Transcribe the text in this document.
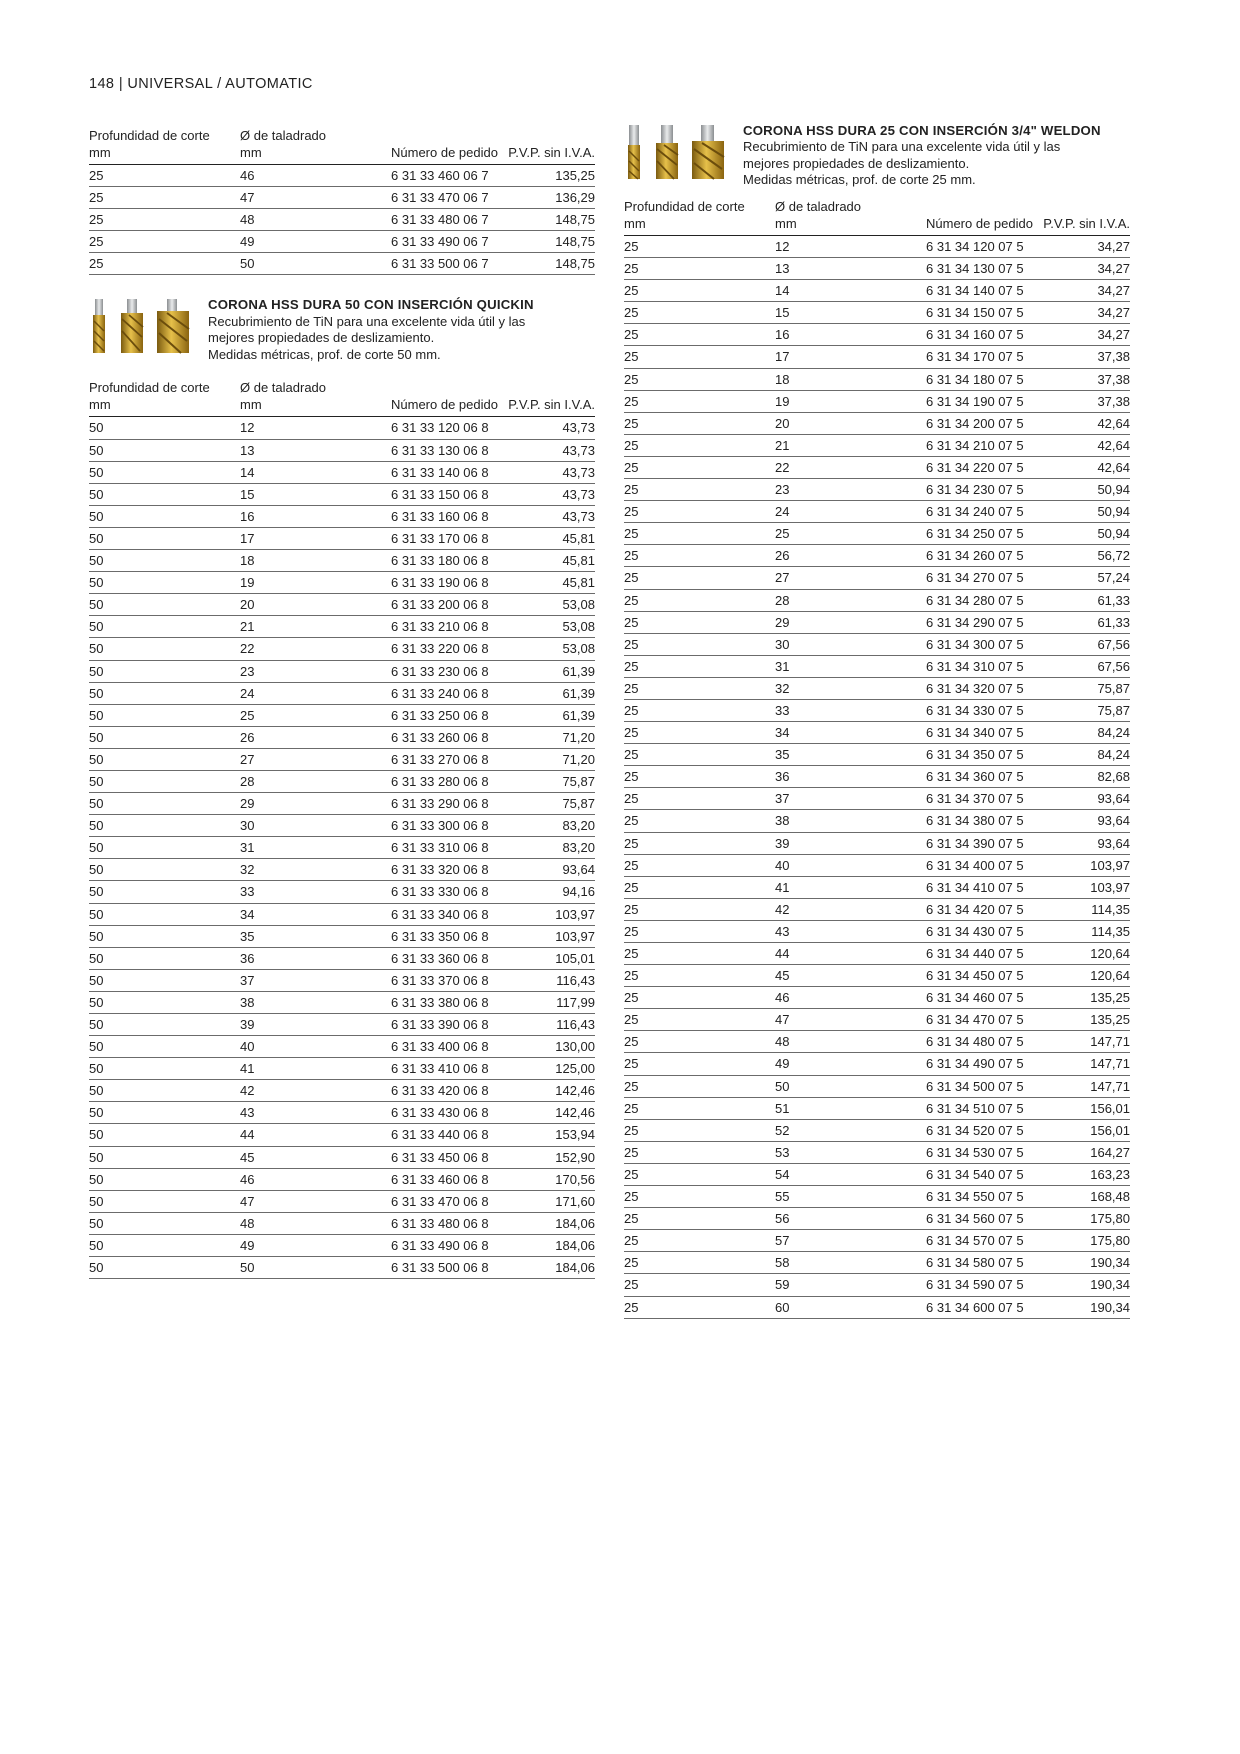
148 | UNIVERSAL / AUTOMATIC
Profundidad de corte
mm
Ø de taladrado
mm	Número de pedido P.V.P. sin I.V.A.
25	46	6 31 33 460 06 7	135,25
25	47	6 31 33 470 06 7	136,29
25	48	6 31 33 480 06 7	148,75
25	49	6 31 33 490 06 7	148,75
25	50	6 31 33 500 06 7	148,75
CORONA HSS DURA 50 CON INSERCIÓN QUICKIN
Recubrimiento de TiN para una excelente vida útil y las
mejores propiedades de deslizamiento.
Medidas métricas, prof. de corte 50 mm.
Profundidad de corte
mm
Ø de taladrado
mm	Número de pedido P.V.P. sin I.V.A.
50	12	6 31 33 120 06 8	43,73
50	13	6 31 33 130 06 8	43,73
50	14	6 31 33 140 06 8	43,73
50	15	6 31 33 150 06 8	43,73
50	16	6 31 33 160 06 8	43,73
50	17	6 31 33 170 06 8	45,81
50	18	6 31 33 180 06 8	45,81
50	19	6 31 33 190 06 8	45,81
50	20	6 31 33 200 06 8	53,08
50	21	6 31 33 210 06 8	53,08
50	22	6 31 33 220 06 8	53,08
50	23	6 31 33 230 06 8	61,39
50	24	6 31 33 240 06 8	61,39
50	25	6 31 33 250 06 8	61,39
50	26	6 31 33 260 06 8	71,20
50	27	6 31 33 270 06 8	71,20
50	28	6 31 33 280 06 8	75,87
50	29	6 31 33 290 06 8	75,87
50	30	6 31 33 300 06 8	83,20
50	31	6 31 33 310 06 8	83,20
50	32	6 31 33 320 06 8	93,64
50	33	6 31 33 330 06 8	94,16
50	34	6 31 33 340 06 8	103,97
50	35	6 31 33 350 06 8	103,97
50	36	6 31 33 360 06 8	105,01
50	37	6 31 33 370 06 8	116,43
50	38	6 31 33 380 06 8	117,99
50	39	6 31 33 390 06 8	116,43
50	40	6 31 33 400 06 8	130,00
50	41	6 31 33 410 06 8	125,00
50	42	6 31 33 420 06 8	142,46
50	43	6 31 33 430 06 8	142,46
50	44	6 31 33 440 06 8	153,94
50	45	6 31 33 450 06 8	152,90
50	46	6 31 33 460 06 8	170,56
50	47	6 31 33 470 06 8	171,60
50	48	6 31 33 480 06 8	184,06
50	49	6 31 33 490 06 8	184,06
50	50	6 31 33 500 06 8	184,06
CORONA HSS DURA 25 CON INSERCIÓN 3/4" WELDON
Recubrimiento de TiN para una excelente vida útil y las
mejores propiedades de deslizamiento.
Medidas métricas, prof. de corte 25 mm.
Profundidad de corte
mm
Ø de taladrado
mm	Número de pedido P.V.P. sin I.V.A.
25	12	6 31 34 120 07 5	34,27
25	13	6 31 34 130 07 5	34,27
25	14	6 31 34 140 07 5	34,27
25	15	6 31 34 150 07 5	34,27
25	16	6 31 34 160 07 5	34,27
25	17	6 31 34 170 07 5	37,38
25	18	6 31 34 180 07 5	37,38
25	19	6 31 34 190 07 5	37,38
25	20	6 31 34 200 07 5	42,64
25	21	6 31 34 210 07 5	42,64
25	22	6 31 34 220 07 5	42,64
25	23	6 31 34 230 07 5	50,94
25	24	6 31 34 240 07 5	50,94
25	25	6 31 34 250 07 5	50,94
25	26	6 31 34 260 07 5	56,72
25	27	6 31 34 270 07 5	57,24
25	28	6 31 34 280 07 5	61,33
25	29	6 31 34 290 07 5	61,33
25	30	6 31 34 300 07 5	67,56
25	31	6 31 34 310 07 5	67,56
25	32	6 31 34 320 07 5	75,87
25	33	6 31 34 330 07 5	75,87
25	34	6 31 34 340 07 5	84,24
25	35	6 31 34 350 07 5	84,24
25	36	6 31 34 360 07 5	82,68
25	37	6 31 34 370 07 5	93,64
25	38	6 31 34 380 07 5	93,64
25	39	6 31 34 390 07 5	93,64
25	40	6 31 34 400 07 5	103,97
25	41	6 31 34 410 07 5	103,97
25	42	6 31 34 420 07 5	114,35
25	43	6 31 34 430 07 5	114,35
25	44	6 31 34 440 07 5	120,64
25	45	6 31 34 450 07 5	120,64
25	46	6 31 34 460 07 5	135,25
25	47	6 31 34 470 07 5	135,25
25	48	6 31 34 480 07 5	147,71
25	49	6 31 34 490 07 5	147,71
25	50	6 31 34 500 07 5	147,71
25	51	6 31 34 510 07 5	156,01
25	52	6 31 34 520 07 5	156,01
25	53	6 31 34 530 07 5	164,27
25	54	6 31 34 540 07 5	163,23
25	55	6 31 34 550 07 5	168,48
25	56	6 31 34 560 07 5	175,80
25	57	6 31 34 570 07 5	175,80
25	58	6 31 34 580 07 5	190,34
25	59	6 31 34 590 07 5	190,34
25	60	6 31 34 600 07 5	190,34
